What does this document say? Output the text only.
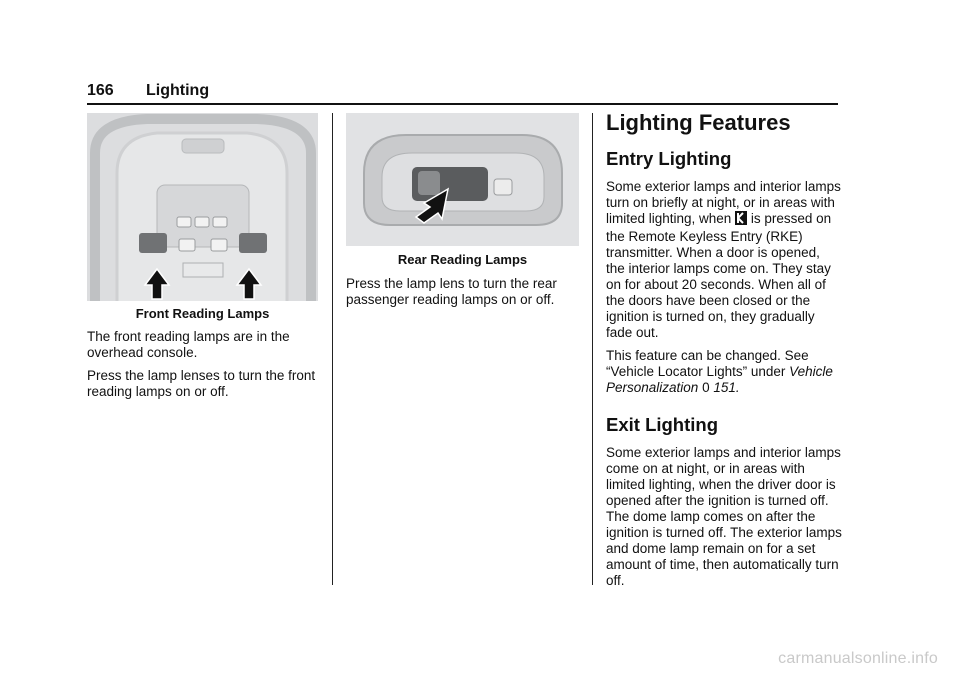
166 Lighting
Front Reading Lamps

The front reading lamps are in the overhead console.

Press the lamp lenses to turn the front reading lamps on or off.

Rear Reading Lamps

Press the lamp lens to turn the rear passenger reading lamps on or off.

Lighting Features
Entry Lighting

Some exterior lamps and interior lamps turn on briefly at night, or in areas with limited lighting, when is pressed on the Remote Keyless Entry (RKE) transmitter. When a door is opened, the interior lamps come on. They stay on for about 20 seconds. When all of the doors have been closed or the ignition is turned on, they gradually fade out.

This feature can be changed. See “Vehicle Locator Lights” under Vehicle Personalization 0 151.

Exit Lighting

Some exterior lamps and interior lamps come on at night, or in areas with limited lighting, when the driver door is opened after the ignition is turned off. The dome lamp comes on after the ignition is turned off. The exterior lamps and dome lamp remain on for a set amount of time, then automatically turn off.

carmanualsonline.info
